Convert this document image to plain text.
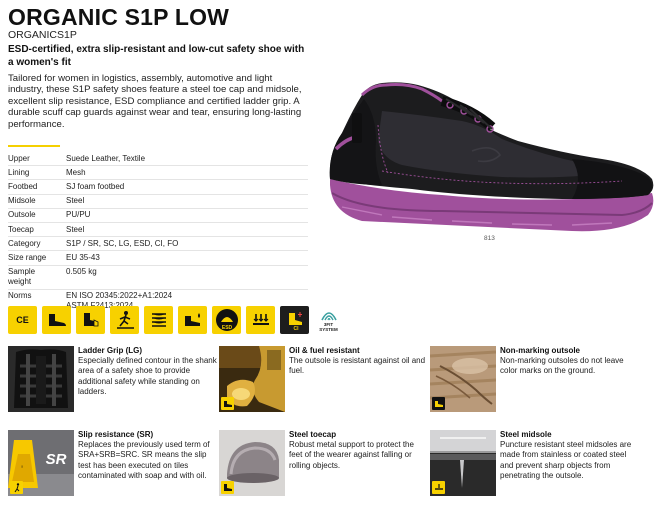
ORGANIC S1P LOW
ORGANICS1P
ESD-certified, extra slip-resistant and low-cut safety shoe with a women's fit
Tailored for women in logistics, assembly, automotive and light industry, these S1P safety shoes feature a steel toe cap and midsole, excellent slip resistance, ESD compliance and certified ladder grip. A durable scuff cap guards against wear and tear, ensuring long-lasting performance.
Upper	Suede Leather, Textile
Lining	Mesh
Footbed	SJ foam footbed
Midsole	Steel
Outsole	PU/PU
Toecap	Steel
Category	S1P / SR, SC, LG, ESD, CI, FO
Size range	EU 35-43
Sample weight	0.505 kg
Norms	EN ISO 20345:2022+A1:2024
813
CE
ESD	CI
3FIT
SYSTEM
Ladder Grip (LG)
Especially defined contour in the shank area of a safety shoe to provide additional safety while standing on ladders.
Oil & fuel resistant
The outsole is resistant against oil and fuel.
Non-marking outsole
Non-marking outsoles do not leave color marks on the ground.
! SR
Slip resistance (SR)
Replaces the previously used term of SRA+SRB=SRC. SR means the slip test has been executed on tiles contaminated with soap and with oil.
Steel toecap
Robust metal support to protect the feet of the wearer against falling or rolling objects.
Steel midsole
Puncture resistant steel midsoles are made from stainless or coated steel and prevent sharp objects from penetrating the outsole.
